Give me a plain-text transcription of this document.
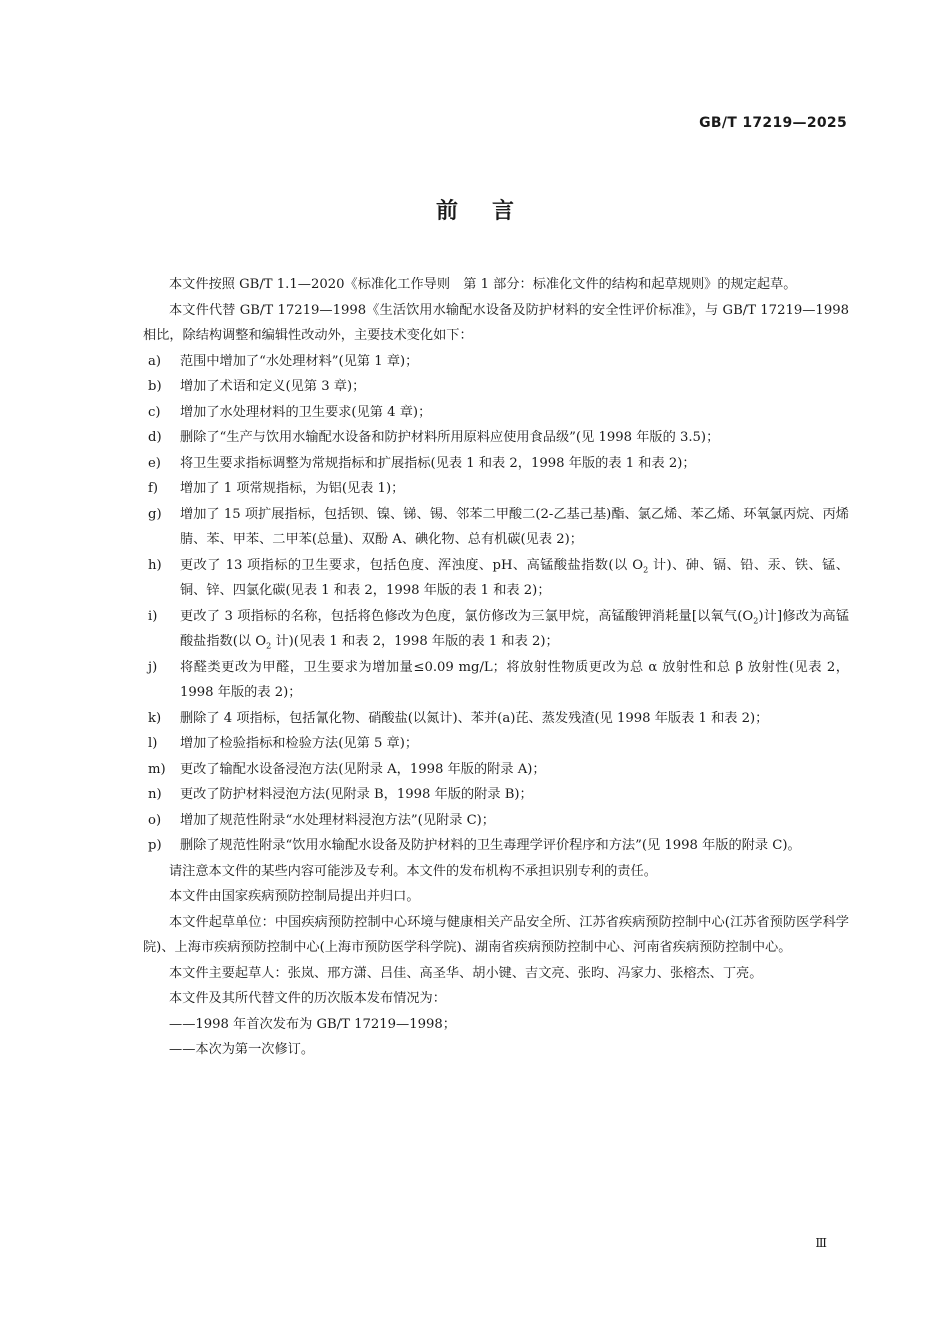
GB/T 17219—2025
前言

本文件按照 GB/T 1.1—2020《标准化工作导则　第 1 部分：标准化文件的结构和起草规则》的规定起草。

本文件代替 GB/T 17219—1998《生活饮用水输配水设备及防护材料的安全性评价标准》，与 GB/T 17219—1998 相比，除结构调整和编辑性改动外，主要技术变化如下：

a) 范围中增加了“水处理材料”(见第 1 章)；

b) 增加了术语和定义(见第 3 章)；

c) 增加了水处理材料的卫生要求(见第 4 章)；

d) 删除了“生产与饮用水输配水设备和防护材料所用原料应使用食品级”(见 1998 年版的 3.5)；

e) 将卫生要求指标调整为常规指标和扩展指标(见表 1 和表 2，1998 年版的表 1 和表 2)；

f) 增加了 1 项常规指标，为铝(见表 1)；

g) 增加了 15 项扩展指标，包括钡、镍、锑、锡、邻苯二甲酸二(2-乙基己基)酯、氯乙烯、苯乙烯、环氧氯丙烷、丙烯腈、苯、甲苯、二甲苯(总量)、双酚 A、碘化物、总有机碳(见表 2)；

h) 更改了 13 项指标的卫生要求，包括色度、浑浊度、pH、高锰酸盐指数(以 $O_2$ 计)、砷、镉、铅、汞、铁、锰、铜、锌、四氯化碳(见表 1 和表 2，1998 年版的表 1 和表 2)；

i) 更改了 3 项指标的名称，包括将色修改为色度，氯仿修改为三氯甲烷，高锰酸钾消耗量[以氧气$(O_2)$计]修改为高锰酸盐指数(以 $O_2$ 计)(见表 1 和表 2，1998 年版的表 1 和表 2)；

j) 将醛类更改为甲醛，卫生要求为增加量≤0.09 mg/L；将放射性物质更改为总 α 放射性和总 β 放射性(见表 2，1998 年版的表 2)；

k) 删除了 4 项指标，包括氰化物、硝酸盐(以氮计)、苯并(a)芘、蒸发残渣(见 1998 年版表 1 和表 2)；

l) 增加了检验指标和检验方法(见第 5 章)；

m) 更改了输配水设备浸泡方法(见附录 A，1998 年版的附录 A)；

n) 更改了防护材料浸泡方法(见附录 B，1998 年版的附录 B)；

o) 增加了规范性附录“水处理材料浸泡方法”(见附录 C)；

p) 删除了规范性附录“饮用水输配水设备及防护材料的卫生毒理学评价程序和方法”(见 1998 年版的附录 C)。

请注意本文件的某些内容可能涉及专利。本文件的发布机构不承担识别专利的责任。

本文件由国家疾病预防控制局提出并归口。

本文件起草单位：中国疾病预防控制中心环境与健康相关产品安全所、江苏省疾病预防控制中心(江苏省预防医学科学院)、上海市疾病预防控制中心(上海市预防医学科学院)、湖南省疾病预防控制中心、河南省疾病预防控制中心。

本文件主要起草人：张岚、邢方潇、吕佳、高圣华、胡小键、吉文亮、张昀、冯家力、张榕杰、丁亮。

本文件及其所代替文件的历次版本发布情况为：

——1998 年首次发布为 GB/T 17219—1998；

——本次为第一次修订。

Ⅲ
